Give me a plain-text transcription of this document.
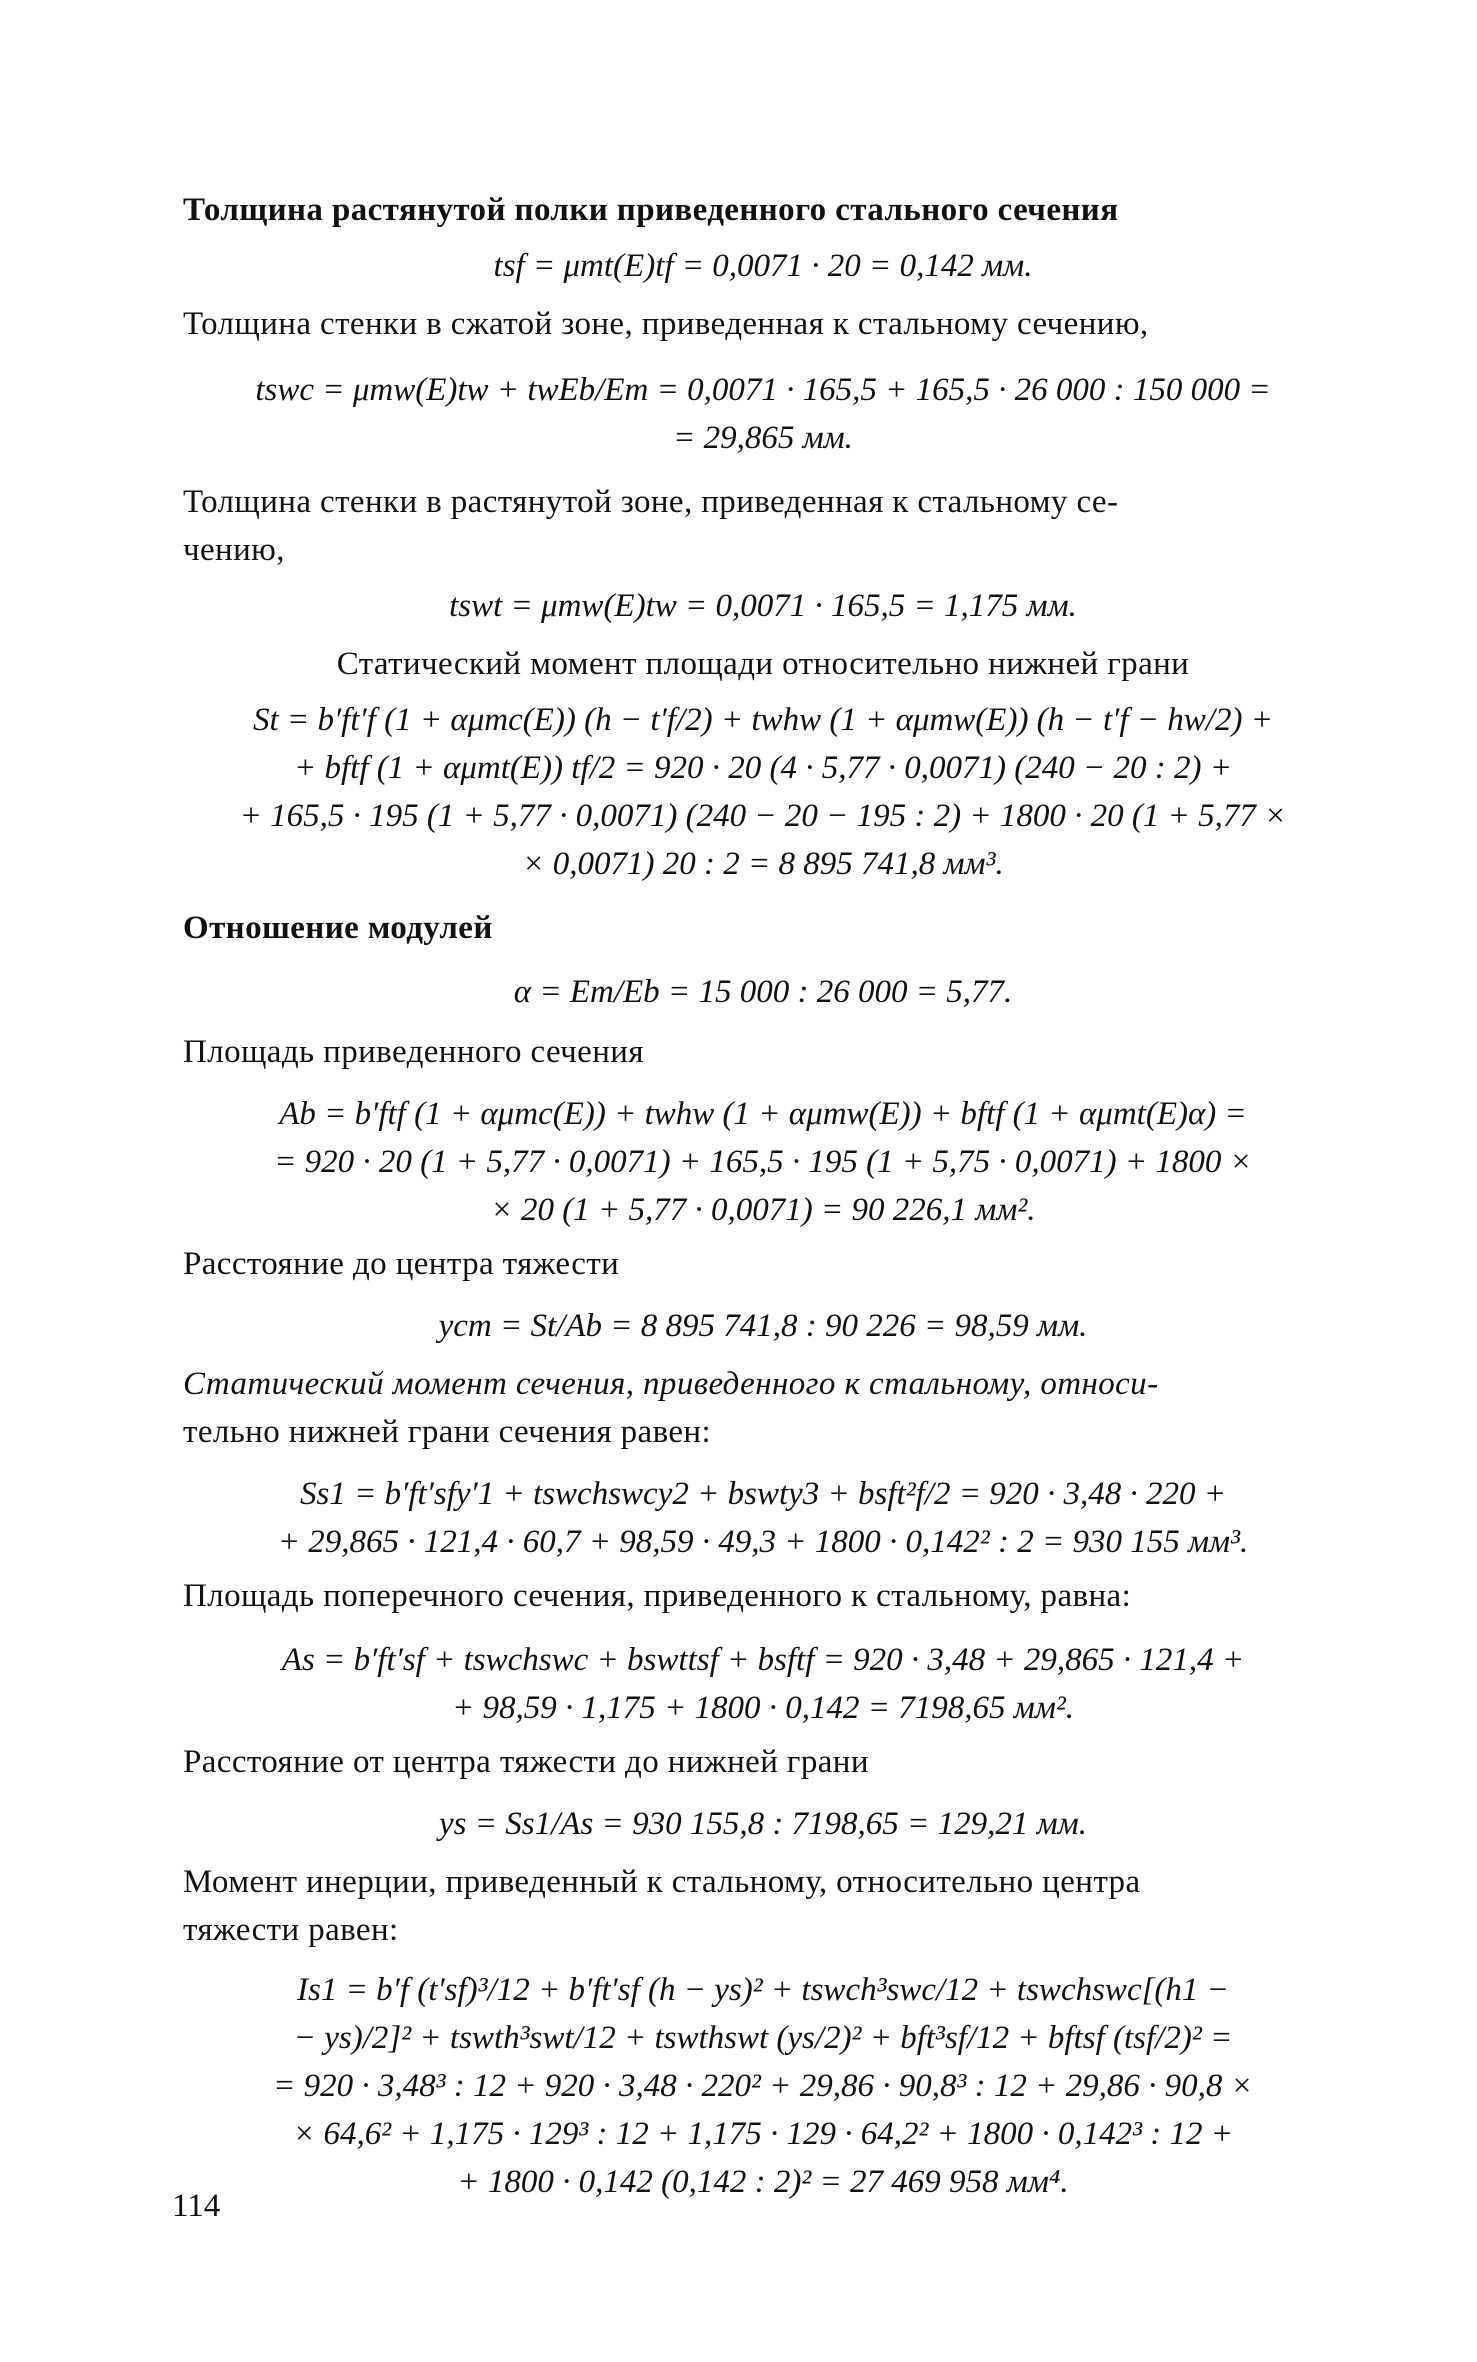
Толщина растянутой полки приведенного стального сечения
tsf = μmt(E)tf = 0,0071 · 20 = 0,142 мм.
Толщина стенки в сжатой зоне, приведенная к стальному сечению,
tswc = μmw(E)tw + twEb/Em = 0,0071 · 165,5 + 165,5 · 26 000 : 150 000 =
= 29,865 мм.
Толщина стенки в растянутой зоне, приведенная к стальному се-
чению,
tswt = μmw(E)tw = 0,0071 · 165,5 = 1,175 мм.
Статический момент площади относительно нижней грани
St = b′ft′f (1 + αμmc(E)) (h − t′f/2) + twhw (1 + αμmw(E)) (h − t′f − hw/2) +
+ bftf (1 + αμmt(E)) tf/2 = 920 · 20 (4 · 5,77 · 0,0071) (240 − 20 : 2) +
+ 165,5 · 195 (1 + 5,77 · 0,0071) (240 − 20 − 195 : 2) + 1800 · 20 (1 + 5,77 ×
× 0,0071) 20 : 2 = 8 895 741,8 мм³.
Отношение модулей
α = Em/Eb = 15 000 : 26 000 = 5,77.
Площадь приведенного сечения
Ab = b′ftf (1 + αμmc(E)) + twhw (1 + αμmw(E)) + bftf (1 + αμmt(E)α) =
= 920 · 20 (1 + 5,77 · 0,0071) + 165,5 · 195 (1 + 5,75 · 0,0071) + 1800 ×
× 20 (1 + 5,77 · 0,0071) = 90 226,1 мм².
Расстояние до центра тяжести
ycm = St/Ab = 8 895 741,8 : 90 226 = 98,59 мм.
Статический момент сечения, приведенного к стальному, относи-
тельно нижней грани сечения равен:
Ss1 = b′ft′sfy′1 + tswchswcy2 + bswty3 + bsft²f/2 = 920 · 3,48 · 220 +
+ 29,865 · 121,4 · 60,7 + 98,59 · 49,3 + 1800 · 0,142² : 2 = 930 155 мм³.
Площадь поперечного сечения, приведенного к стальному, равна:
As = b′ft′sf + tswchswc + bswttsf + bsftf = 920 · 3,48 + 29,865 · 121,4 +
+ 98,59 · 1,175 + 1800 · 0,142 = 7198,65 мм².
Расстояние от центра тяжести до нижней грани
ys = Ss1/As = 930 155,8 : 7198,65 = 129,21 мм.
Момент инерции, приведенный к стальному, относительно центра
тяжести равен:
Is1 = b′f (t′sf)³/12 + b′ft′sf (h − ys)² + tswch³swc/12 + tswchswc[(h1 −
− ys)/2]² + tswth³swt/12 + tswthswt (ys/2)² + bft³sf/12 + bftsf (tsf/2)² =
= 920 · 3,48³ : 12 + 920 · 3,48 · 220² + 29,86 · 90,8³ : 12 + 29,86 · 90,8 ×
× 64,6² + 1,175 · 129³ : 12 + 1,175 · 129 · 64,2² + 1800 · 0,142³ : 12 +
+ 1800 · 0,142 (0,142 : 2)² = 27 469 958 мм⁴.
114
